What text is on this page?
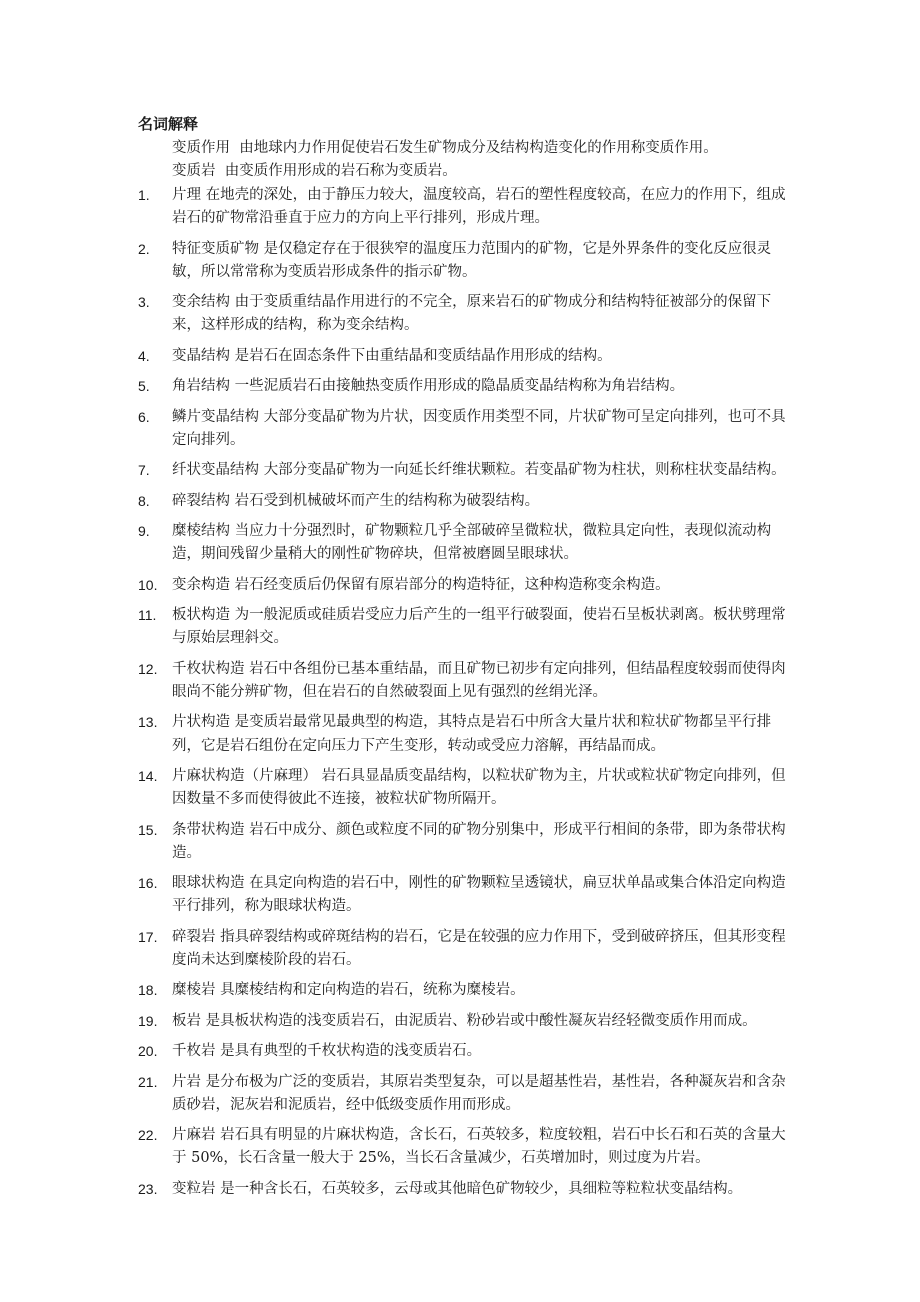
名词解释
变质作用 由地球内力作用促使岩石发生矿物成分及结构构造变化的作用称变质作用。
变质岩 由变质作用形成的岩石称为变质岩。
1. 片理 在地壳的深处，由于静压力较大，温度较高，岩石的塑性程度较高，在应力的作用下，组成岩石的矿物常沿垂直于应力的方向上平行排列，形成片理。
2. 特征变质矿物 是仅稳定存在于很狭窄的温度压力范围内的矿物，它是外界条件的变化反应很灵敏，所以常常称为变质岩形成条件的指示矿物。
3. 变余结构 由于变质重结晶作用进行的不完全，原来岩石的矿物成分和结构特征被部分的保留下来，这样形成的结构，称为变余结构。
4. 变晶结构 是岩石在固态条件下由重结晶和变质结晶作用形成的结构。
5. 角岩结构 一些泥质岩石由接触热变质作用形成的隐晶质变晶结构称为角岩结构。
6. 鳞片变晶结构 大部分变晶矿物为片状，因变质作用类型不同，片状矿物可呈定向排列，也可不具定向排列。
7. 纤状变晶结构 大部分变晶矿物为一向延长纤维状颗粒。若变晶矿物为柱状，则称柱状变晶结构。
8. 碎裂结构 岩石受到机械破坏而产生的结构称为破裂结构。
9. 糜棱结构 当应力十分强烈时，矿物颗粒几乎全部破碎呈微粒状，微粒具定向性，表现似流动构造，期间残留少量稍大的刚性矿物碎块，但常被磨圆呈眼球状。
10. 变余构造 岩石经变质后仍保留有原岩部分的构造特征，这种构造称变余构造。
11. 板状构造 为一般泥质或硅质岩受应力后产生的一组平行破裂面，使岩石呈板状剥离。板状劈理常与原始层理斜交。
12. 千枚状构造 岩石中各组份已基本重结晶，而且矿物已初步有定向排列，但结晶程度较弱而使得肉眼尚不能分辨矿物，但在岩石的自然破裂面上见有强烈的丝绢光泽。
13. 片状构造 是变质岩最常见最典型的构造，其特点是岩石中所含大量片状和粒状矿物都呈平行排列，它是岩石组份在定向压力下产生变形，转动或受应力溶解，再结晶而成。
14. 片麻状构造（片麻理） 岩石具显晶质变晶结构，以粒状矿物为主，片状或粒状矿物定向排列，但因数量不多而使得彼此不连接，被粒状矿物所隔开。
15. 条带状构造 岩石中成分、颜色或粒度不同的矿物分别集中，形成平行相间的条带，即为条带状构造。
16. 眼球状构造 在具定向构造的岩石中，刚性的矿物颗粒呈透镜状，扁豆状单晶或集合体沿定向构造平行排列，称为眼球状构造。
17. 碎裂岩 指具碎裂结构或碎斑结构的岩石，它是在较强的应力作用下，受到破碎挤压，但其形变程度尚未达到糜棱阶段的岩石。
18. 糜棱岩 具糜棱结构和定向构造的岩石，统称为糜棱岩。
19. 板岩 是具板状构造的浅变质岩石，由泥质岩、粉砂岩或中酸性凝灰岩经轻微变质作用而成。
20. 千枚岩 是具有典型的千枚状构造的浅变质岩石。
21. 片岩 是分布极为广泛的变质岩，其原岩类型复杂，可以是超基性岩，基性岩，各种凝灰岩和含杂质砂岩，泥灰岩和泥质岩，经中低级变质作用而形成。
22. 片麻岩 岩石具有明显的片麻状构造，含长石，石英较多，粒度较粗，岩石中长石和石英的含量大于 50%，长石含量一般大于 25%，当长石含量减少，石英增加时，则过度为片岩。
23. 变粒岩 是一种含长石，石英较多，云母或其他暗色矿物较少，具细粒等粒粒状变晶结构。
